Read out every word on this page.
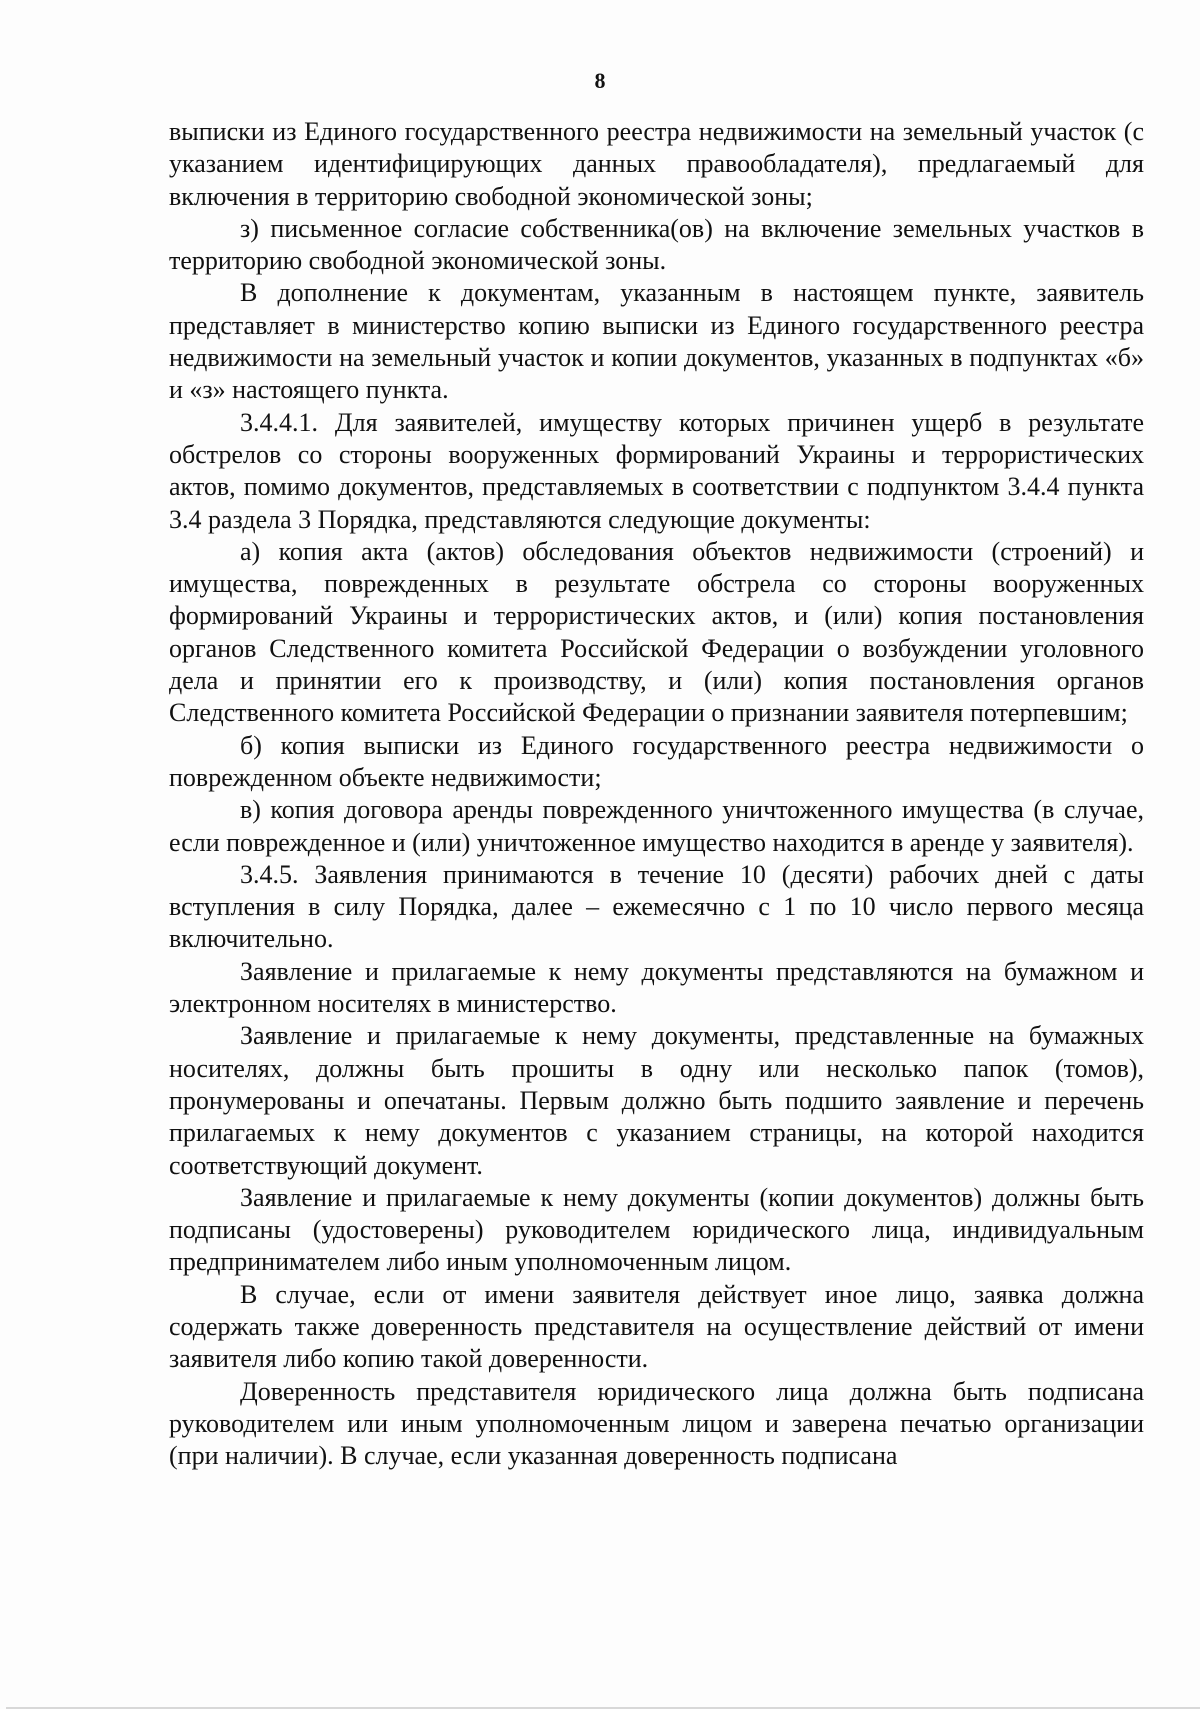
8

выписки из Единого государственного реестра недвижимости на земельный участок (с указанием идентифицирующих данных правообладателя), предлагаемый для включения в территорию свободной экономической зоны;

з) письменное согласие собственника(ов) на включение земельных участков в территорию свободной экономической зоны.

В дополнение к документам, указанным в настоящем пункте, заявитель представляет в министерство копию выписки из Единого государственного реестра недвижимости на земельный участок и копии документов, указанных в подпунктах «б» и «з» настоящего пункта.

3.4.4.1. Для заявителей, имуществу которых причинен ущерб в результате обстрелов со стороны вооруженных формирований Украины и террористических актов, помимо документов, представляемых в соответствии с подпунктом 3.4.4 пункта 3.4 раздела 3 Порядка, представляются следующие документы:

а) копия акта (актов) обследования объектов недвижимости (строений) и имущества, поврежденных в результате обстрела со стороны вооруженных формирований Украины и террористических актов, и (или) копия постановления органов Следственного комитета Российской Федерации о возбуждении уголовного дела и принятии его к производству, и (или) копия постановления органов Следственного комитета Российской Федерации о признании заявителя потерпевшим;

б) копия выписки из Единого государственного реестра недвижимости о поврежденном объекте недвижимости;

в) копия договора аренды поврежденного уничтоженного имущества (в случае, если поврежденное и (или) уничтоженное имущество находится в аренде у заявителя).

3.4.5. Заявления принимаются в течение 10 (десяти) рабочих дней с даты вступления в силу Порядка, далее – ежемесячно с 1 по 10 число первого месяца включительно.

Заявление и прилагаемые к нему документы представляются на бумажном и электронном носителях в министерство.

Заявление и прилагаемые к нему документы, представленные на бумажных носителях, должны быть прошиты в одну или несколько папок (томов), пронумерованы и опечатаны. Первым должно быть подшито заявление и перечень прилагаемых к нему документов с указанием страницы, на которой находится соответствующий документ.

Заявление и прилагаемые к нему документы (копии документов) должны быть подписаны (удостоверены) руководителем юридического лица, индивидуальным предпринимателем либо иным уполномоченным лицом.

В случае, если от имени заявителя действует иное лицо, заявка должна содержать также доверенность представителя на осуществление действий от имени заявителя либо копию такой доверенности.

Доверенность представителя юридического лица должна быть подписана руководителем или иным уполномоченным лицом и заверена печатью организации (при наличии). В случае, если указанная доверенность подписана
